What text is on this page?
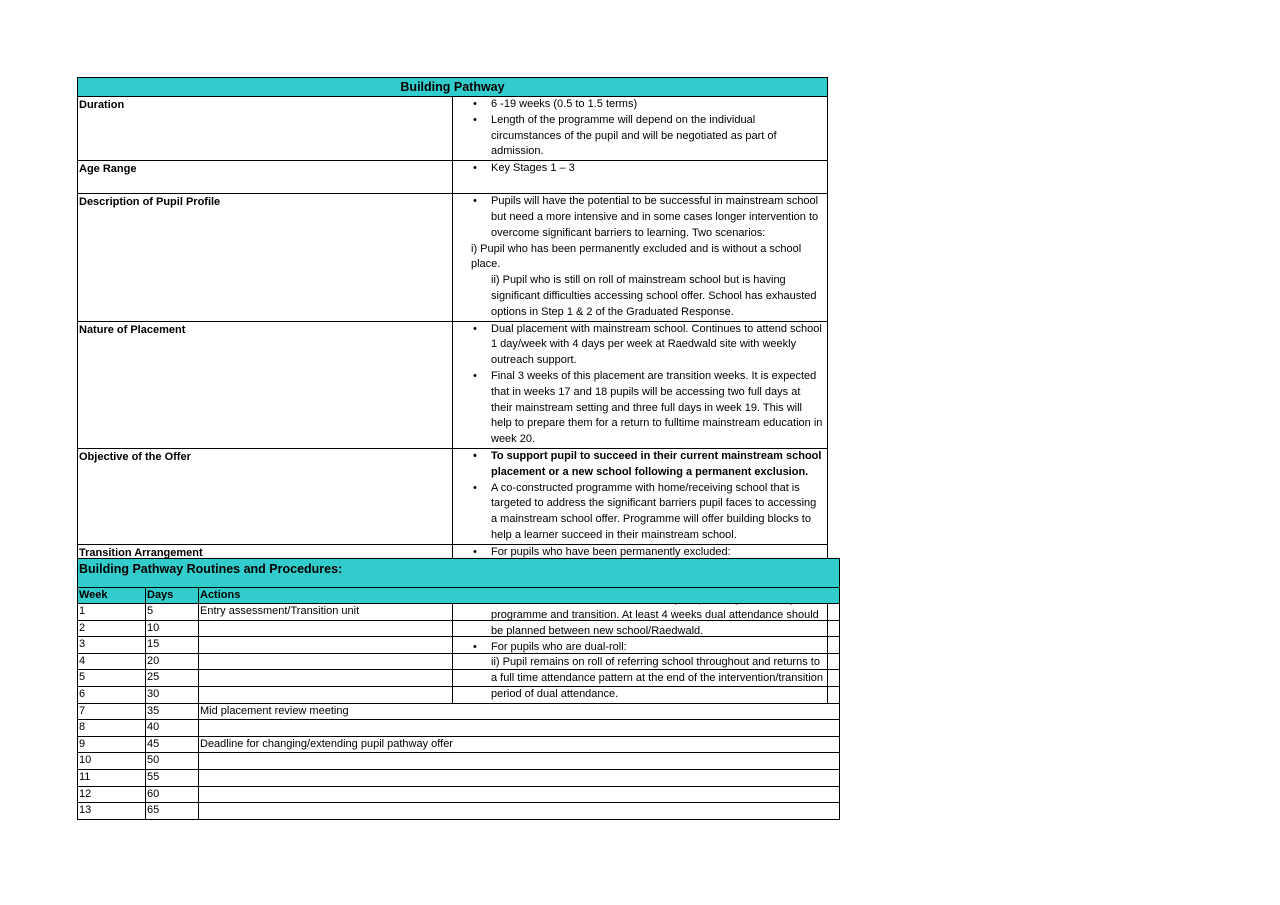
Building Pathway	
Duration	• 6 -19 weeks (0.5 to 1.5 terms)
• Length of the programme will depend on the individual circumstances of the pupil and will be negotiated as part of admission.

Age Range	• Key Stages 1 – 3

Description of Pupil Profile	• Pupils will have the potential to be successful in mainstream school but need a more intensive and in some cases longer intervention to overcome significant barriers to learning. Two scenarios:
i) Pupil who has been permanently excluded and is without a school place.
ii) Pupil who is still on roll of mainstream school but is having significant difficulties accessing school offer. School has exhausted options in Step 1 & 2 of the Graduated Response.

Nature of Placement	• Dual placement with mainstream school. Continues to attend school 1 day/week with 4 days per week at Raedwald site with weekly outreach support.
• Final 3 weeks of this placement are transition weeks. It is expected that in weeks 17 and 18 pupils will be accessing two full days at their mainstream setting and three full days in week 19. This will help to prepare them for a return to fulltime mainstream education in week 20.

Objective of the Offer	• To support pupil to succeed in their current mainstream school placement or a new school following a permanent exclusion.
• A co-constructed programme with home/receiving school that is targeted to address the significant barriers pupil faces to accessing a mainstream school offer. Programme will offer building blocks to help a learner succeed in their mainstream school.

Transition Arrangement	• For pupils who have been permanently excluded:
programme and transition. At least 4 weeks dual attendance should be planned between new school/Raedwald.
• For pupils who are dual-roll:
ii) Pupil remains on roll of referring school throughout and returns to a full time attendance pattern at the end of the intervention/transition period of dual attendance.
Building Pathway Routines and Procedures:		
Week	Days	Actions
1	5	Entry assessment/Transition unit
2	10	
3	15	
4	20	
5	25	
6	30	
7	35	Mid placement review meeting
8	40	
9	45	Deadline for changing/extending pupil pathway offer
10	50	
11	55	
12	60	
13	65	
